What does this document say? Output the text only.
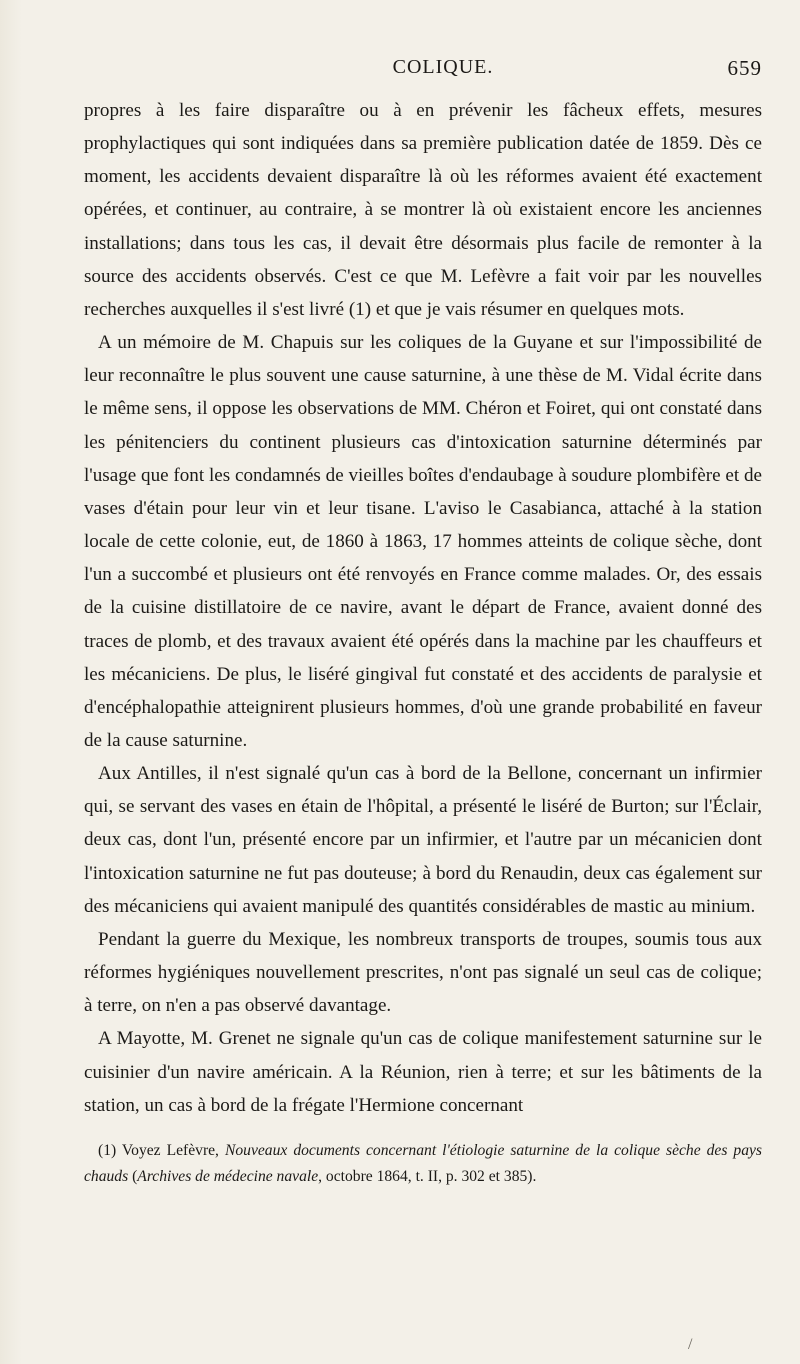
COLIQUE.	659

propres à les faire disparaître ou à en prévenir les fâcheux effets, mesures prophylactiques qui sont indiquées dans sa première publication datée de 1859. Dès ce moment, les accidents devaient disparaître là où les réformes avaient été exactement opérées, et continuer, au contraire, à se montrer là où existaient encore les anciennes installations; dans tous les cas, il devait être désormais plus facile de remonter à la source des accidents observés. C'est ce que M. Lefèvre a fait voir par les nouvelles recherches auxquelles il s'est livré (1) et que je vais résumer en quelques mots.

A un mémoire de M. Chapuis sur les coliques de la Guyane et sur l'impossibilité de leur reconnaître le plus souvent une cause saturnine, à une thèse de M. Vidal écrite dans le même sens, il oppose les observations de MM. Chéron et Foiret, qui ont constaté dans les pénitenciers du continent plusieurs cas d'intoxication saturnine déterminés par l'usage que font les condamnés de vieilles boîtes d'endaubage à soudure plombifère et de vases d'étain pour leur vin et leur tisane. L'aviso le Casabianca, attaché à la station locale de cette colonie, eut, de 1860 à 1863, 17 hommes atteints de colique sèche, dont l'un a succombé et plusieurs ont été renvoyés en France comme malades. Or, des essais de la cuisine distillatoire de ce navire, avant le départ de France, avaient donné des traces de plomb, et des travaux avaient été opérés dans la machine par les chauffeurs et les mécaniciens. De plus, le liséré gingival fut constaté et des accidents de paralysie et d'encéphalopathie atteignirent plusieurs hommes, d'où une grande probabilité en faveur de la cause saturnine.

Aux Antilles, il n'est signalé qu'un cas à bord de la Bellone, concernant un infirmier qui, se servant des vases en étain de l'hôpital, a présenté le liséré de Burton; sur l'Éclair, deux cas, dont l'un, présenté encore par un infirmier, et l'autre par un mécanicien dont l'intoxication saturnine ne fut pas douteuse; à bord du Renaudin, deux cas également sur des mécaniciens qui avaient manipulé des quantités considérables de mastic au minium.

Pendant la guerre du Mexique, les nombreux transports de troupes, soumis tous aux réformes hygiéniques nouvellement prescrites, n'ont pas signalé un seul cas de colique; à terre, on n'en a pas observé davantage.

A Mayotte, M. Grenet ne signale qu'un cas de colique manifestement saturnine sur le cuisinier d'un navire américain. A la Réunion, rien à terre; et sur les bâtiments de la station, un cas à bord de la frégate l'Hermione concernant

(1) Voyez Lefèvre, Nouveaux documents concernant l'étiologie saturnine de la colique sèche des pays chauds (Archives de médecine navale, octobre 1864, t. II, p. 302 et 385).
/
